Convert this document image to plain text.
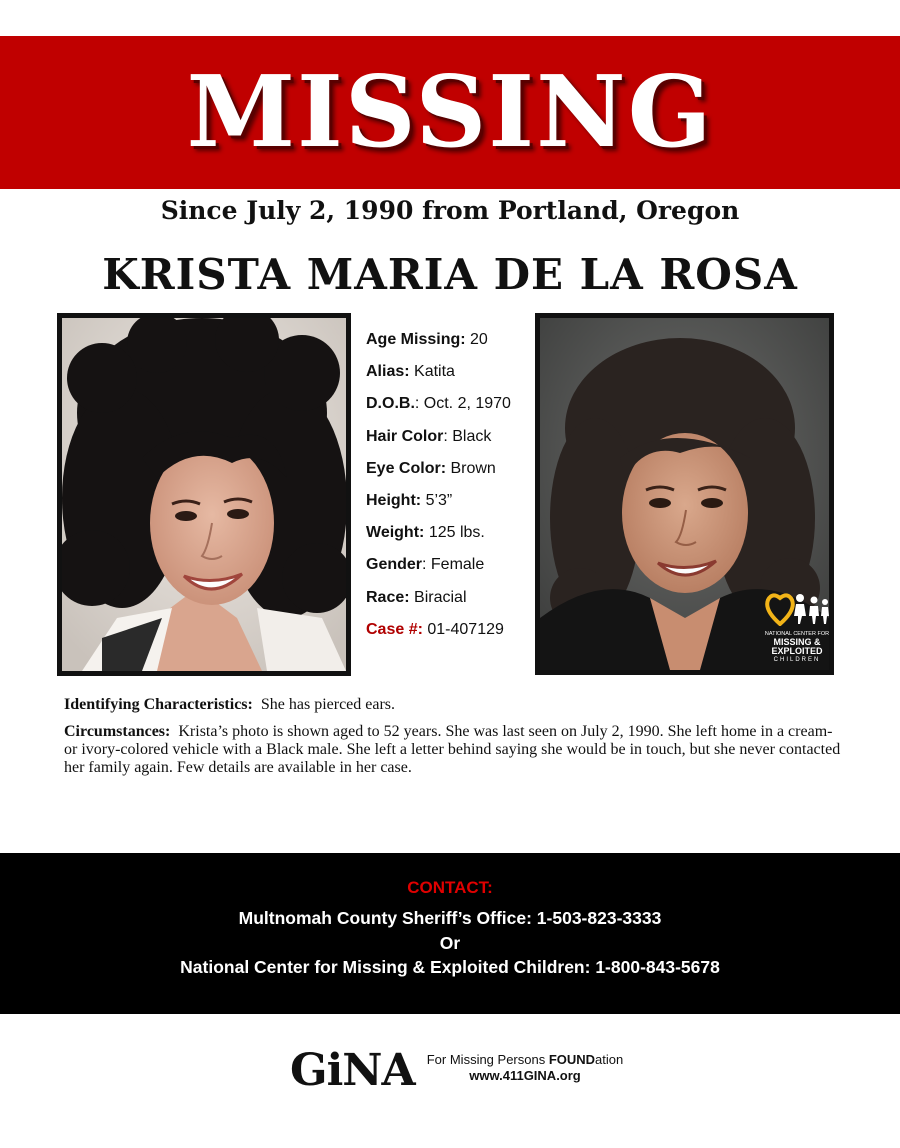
MISSING
Since July 2, 1990 from Portland, Oregon
KRISTA MARIA DE LA ROSA
Age Missing: 20
Alias: Katita
D.O.B.: Oct. 2, 1970
Hair Color: Black
Eye Color: Brown
Height: 5’3”
Weight: 125 lbs.
Gender: Female
Race: Biracial
Case #: 01-407129	NATIONAL CENTER FOR
MISSING &
EXPLOITED
CHILDREN

Identifying Characteristics: She has pierced ears.

Circumstances: Krista’s photo is shown aged to 52 years. She was last seen on July 2, 1990. She left home in a cream- or ivory-colored vehicle with a Black male. She left a letter behind saying she would be in touch, but she never contacted her family again. Few details are available in her case.

CONTACT:
Multnomah County Sheriff’s Office: 1-503-823-3333
Or
National Center for Missing & Exploited Children: 1-800-843-5678
GiNA For Missing Persons FOUNDation
www.411GINA.org
